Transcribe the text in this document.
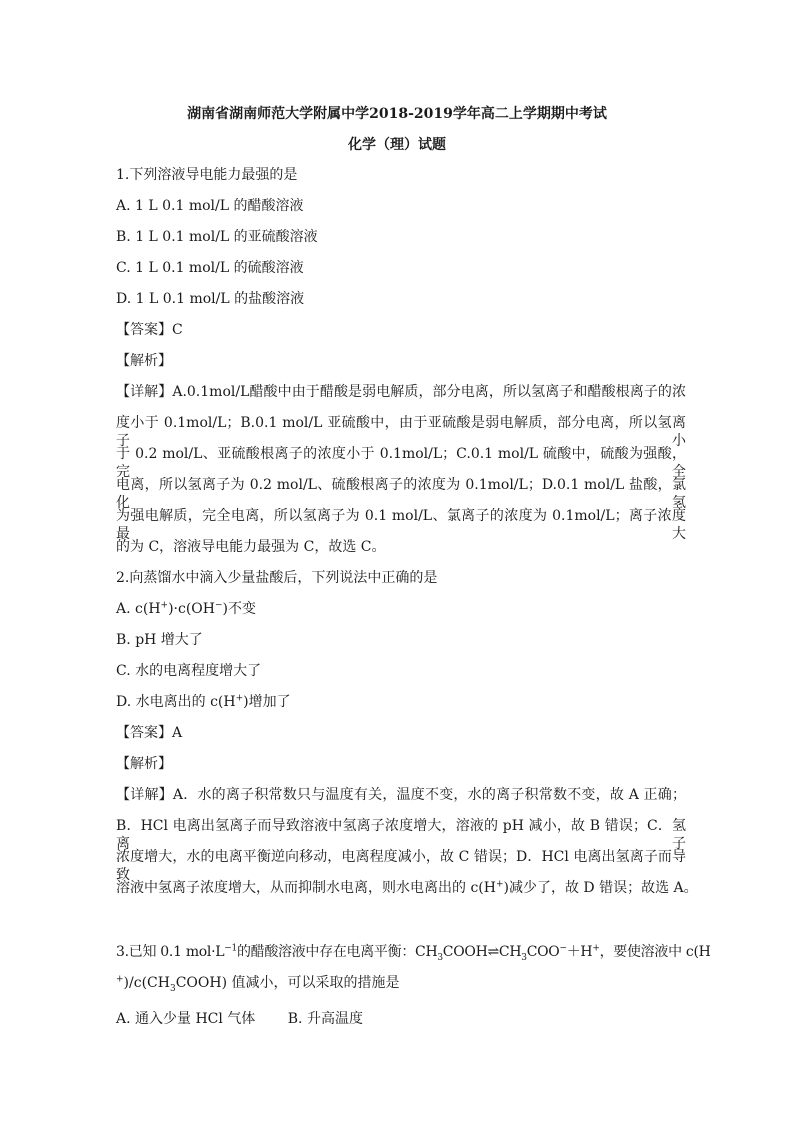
湖南省湖南师范大学附属中学2018-2019学年高二上学期期中考试
化学（理）试题
1.下列溶液导电能力最强的是
A. 1 L 0.1 mol/L 的醋酸溶液
B. 1 L 0.1 mol/L 的亚硫酸溶液
C. 1 L 0.1 mol/L 的硫酸溶液
D. 1 L 0.1 mol/L 的盐酸溶液
【答案】C
【解析】
【详解】A.0.1mol/L醋酸中由于醋酸是弱电解质，部分电离，所以氢离子和醋酸根离子的浓
度小于 0.1mol/L；B.0.1 mol/L 亚硫酸中，由于亚硫酸是弱电解质，部分电离，所以氢离子小
于 0.2 mol/L、亚硫酸根离子的浓度小于 0.1mol/L；C.0.1 mol/L 硫酸中，硫酸为强酸，完全
电离，所以氢离子为 0.2 mol/L、硫酸根离子的浓度为 0.1mol/L；D.0.1 mol/L 盐酸，氯化氢
为强电解质，完全电离，所以氢离子为 0.1 mol/L、氯离子的浓度为 0.1mol/L；离子浓度最大
的为 C，溶液导电能力最强为 C，故选 C。
2.向蒸馏水中滴入少量盐酸后，下列说法中正确的是
A. c(H+)·c(OH−)不变
B. pH 增大了
C. 水的电离程度增大了
D. 水电离出的 c(H+)增加了
【答案】A
【解析】
【详解】A．水的离子积常数只与温度有关，温度不变，水的离子积常数不变，故 A 正确；
B．HCl 电离出氢离子而导致溶液中氢离子浓度增大，溶液的 pH 减小，故 B 错误；C．氢离子
浓度增大，水的电离平衡逆向移动，电离程度减小，故 C 错误；D．HCl 电离出氢离子而导致
溶液中氢离子浓度增大，从而抑制水电离，则水电离出的 c(H+)减少了，故 D 错误；故选 A。
3.已知 0.1 $mol\cdot L^{-1}$的醋酸溶液中存在电离平衡：$CH_3COOH\rightleftharpoons CH_3COO^-+H^+$，要使溶液中 c(H
$^+)/c(CH_3COOH)$ 值减小，可以采取的措施是
A. 通入少量 HCl 气体　　 B. 升高温度
